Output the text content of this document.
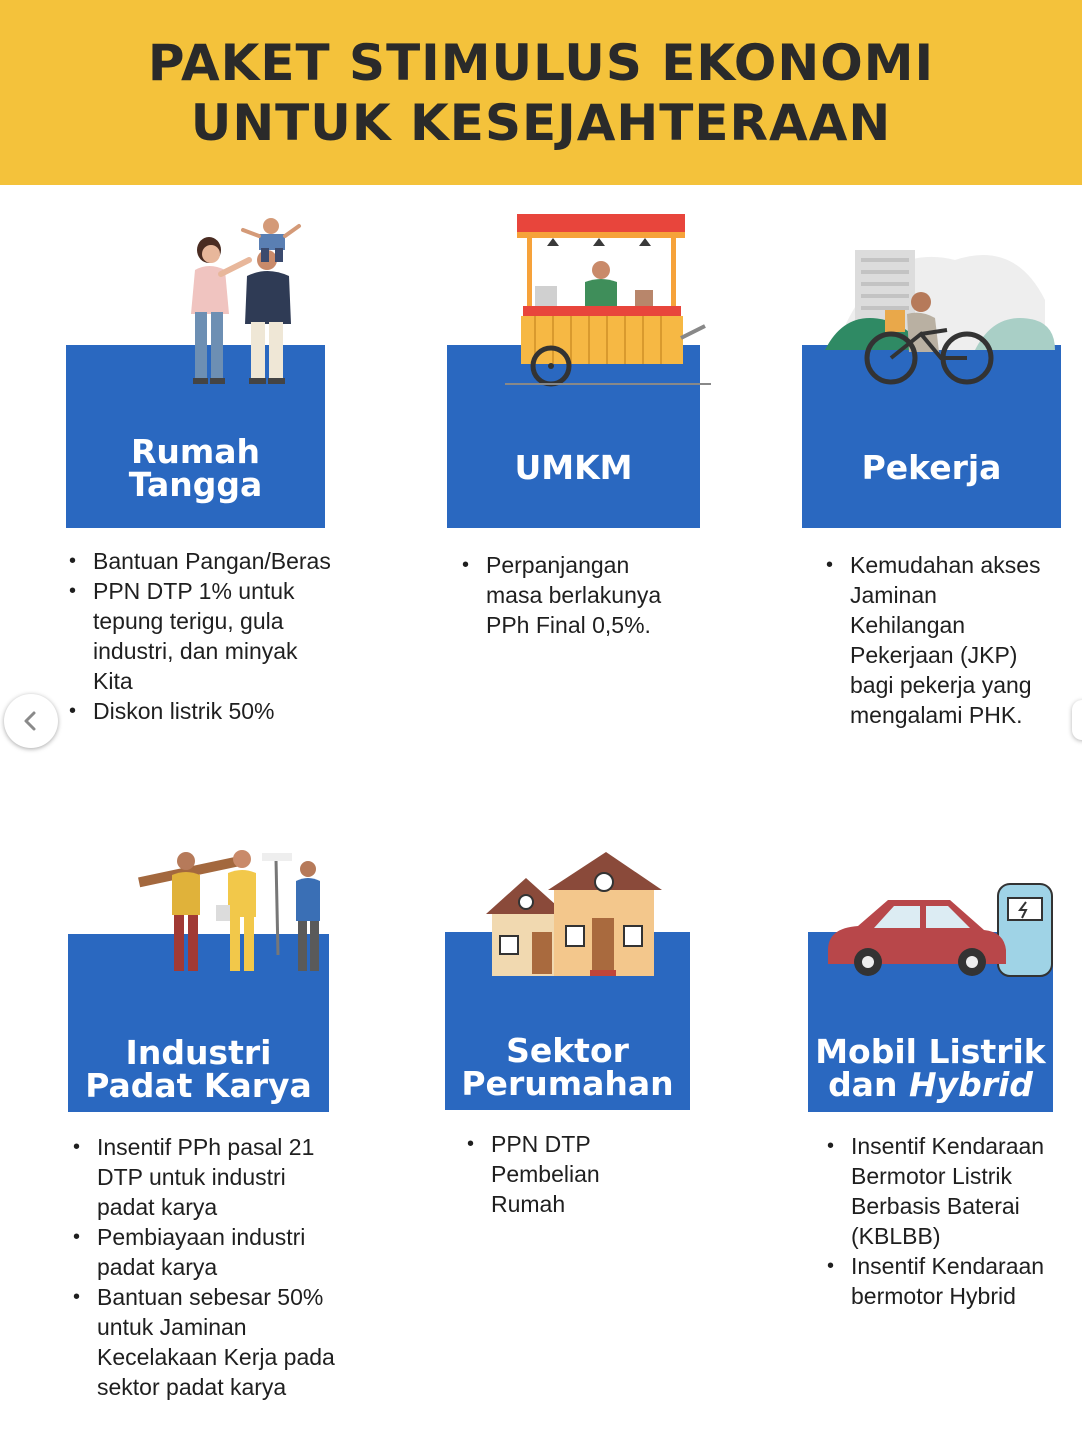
PAKET STIMULUS EKONOMI
UNTUK KESEJAHTERAAN
Rumah
Tangga
• Bantuan Pangan/Beras
• PPN DTP 1% untuk tepung terigu, gula industri, dan minyak Kita
• Diskon listrik 50%
UMKM
• Perpanjangan masa berlakunya PPh Final 0,5%.
Pekerja
• Kemudahan akses Jaminan Kehilangan Pekerjaan (JKP) bagi pekerja yang mengalami PHK.
Industri
Padat Karya
• Insentif PPh pasal 21 DTP untuk industri padat karya
• Pembiayaan industri padat karya
• Bantuan sebesar 50% untuk Jaminan Kecelakaan Kerja pada sektor padat karya
Sektor
Perumahan
• PPN DTP Pembelian Rumah
Mobil Listrik
dan Hybrid
• Insentif Kendaraan Bermotor Listrik Berbasis Baterai (KBLBB)
• Insentif Kendaraan bermotor Hybrid
